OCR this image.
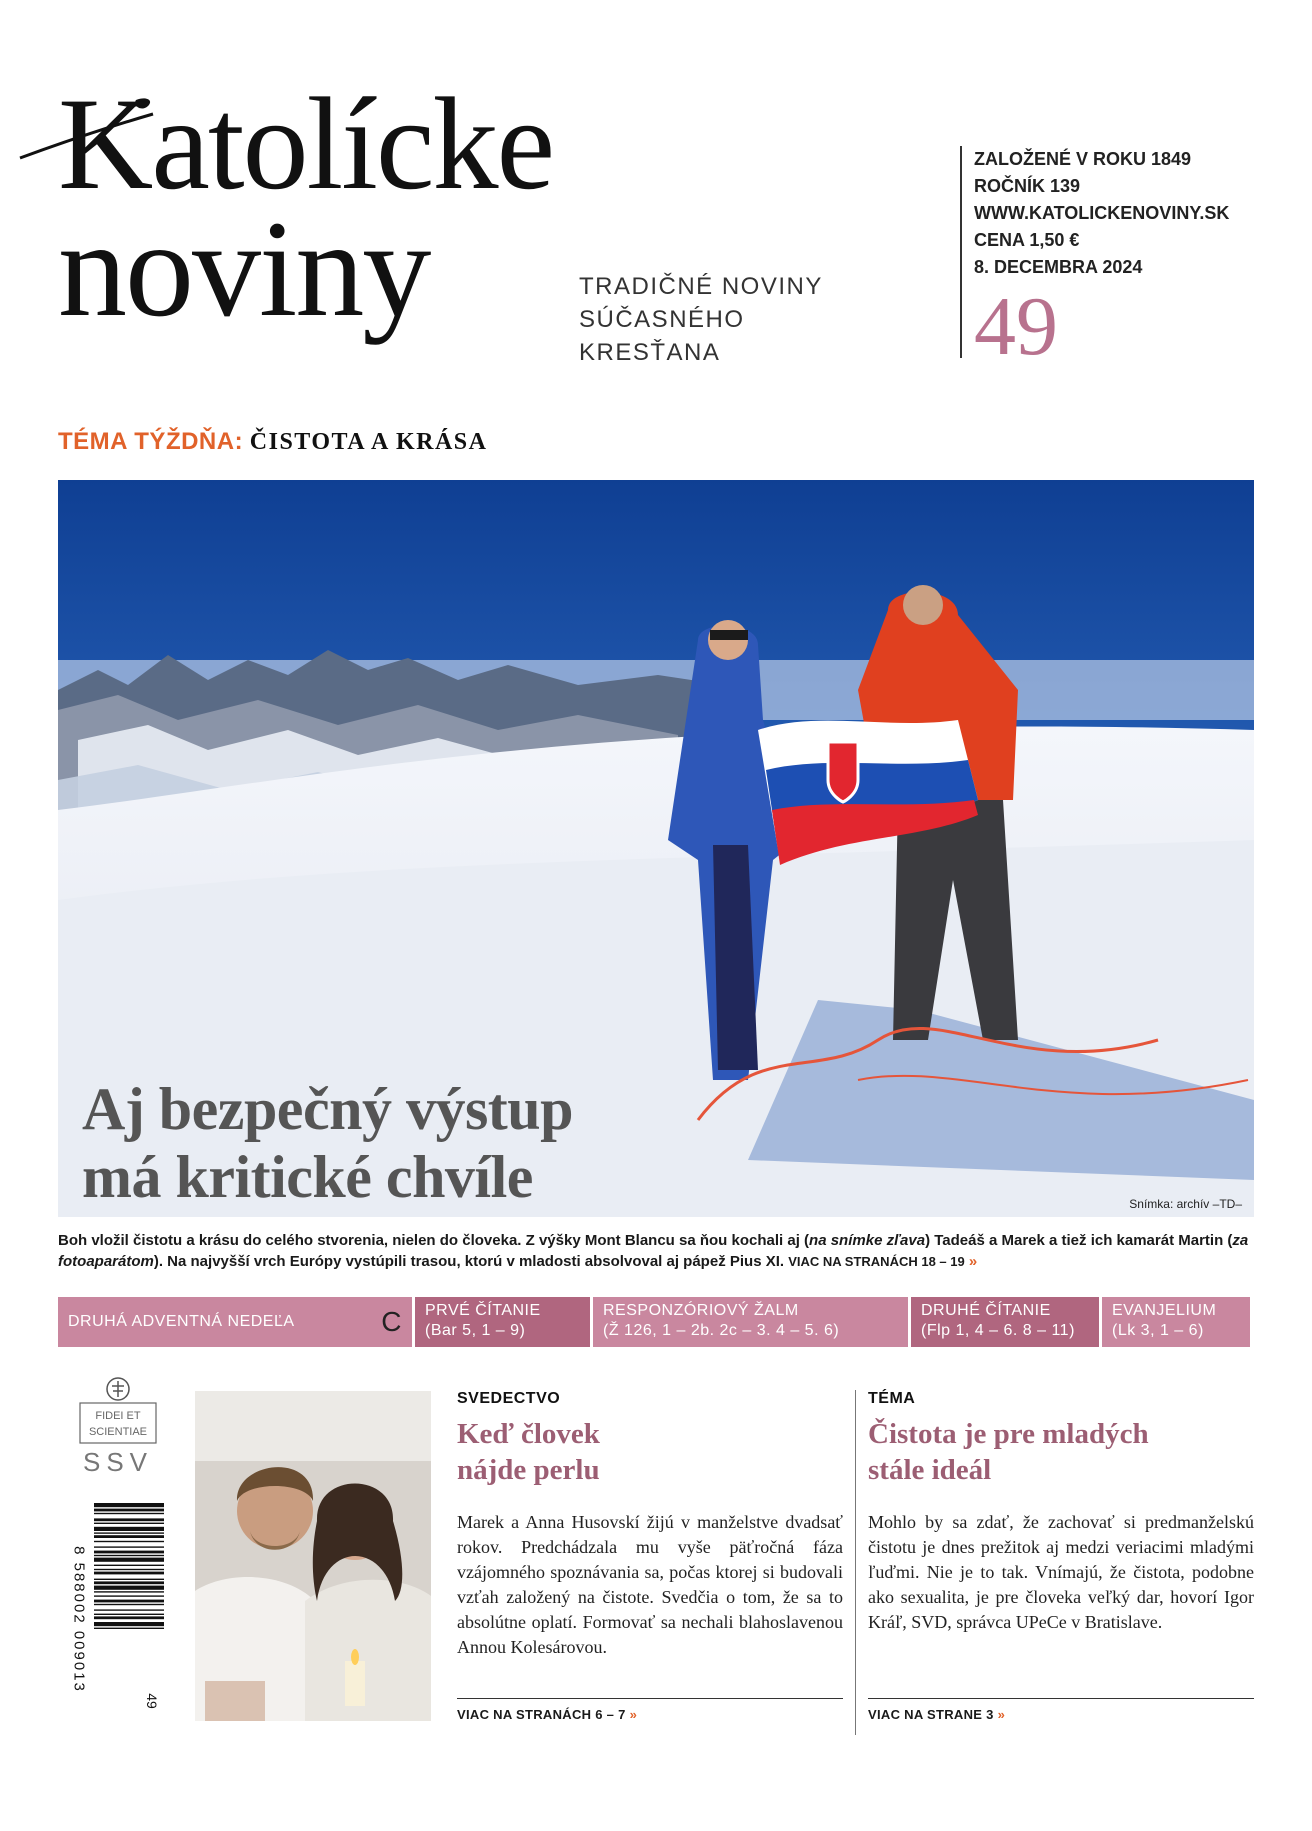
Katolícke
noviny	TRADIČNÉ NOVINY
SÚČASNÉHO
KRESŤANA
ZALOŽENÉ V ROKU 1849
ROČNÍK 139
WWW.KATOLICKENOVINY.SK
CENA 1,50 €
8. DECEMBRA 2024
49
TÉMA TÝŽDŇA: ČISTOTA A KRÁSA
Aj bezpečný výstup
má kritické chvíle	Snímka: archív –TD–
Boh vložil čistotu a krásu do celého stvorenia, nielen do človeka. Z výšky Mont Blancu sa ňou kochali aj (na snímke zľava) Tadeáš a Marek a tiež ich kamarát Martin (za fotoaparátom). Na najvyšší vrch Európy vystúpili trasou, ktorú v mladosti absolvoval aj pápež Pius XI. VIAC NA STRANÁCH 18 – 19 »
DRUHÁ ADVENTNÁ NEDEĽA	C PRVÉ ČÍTANIE
(Bar 5, 1 – 9)
RESPONZÓRIOVÝ ŽALM
(Ž 126, 1 – 2b. 2c – 3. 4 – 5. 6)
DRUHÉ ČÍTANIE
(Flp 1, 4 – 6. 8 – 11)
EVANJELIUM
(Lk 3, 1 – 6)
FIDEI ET
SCIENTIAE
SSV
8 588002 009013
49
SVEDECTVO
Keď človek
nájde perlu
Marek a Anna Husovskí žijú v manželstve dvadsať rokov. Predchádzala mu vyše päťročná fáza vzájomného spoznávania sa, počas ktorej si budovali vzťah založený na čistote. Svedčia o tom, že sa to absolútne oplatí. Formovať sa nechali blahoslavenou Annou Kolesárovou.
VIAC NA STRANÁCH 6 – 7 »
TÉMA
Čistota je pre mladých
stále ideál
Mohlo by sa zdať, že zachovať si predmanželskú čistotu je dnes prežitok aj medzi veriacimi mladými ľuďmi. Nie je to tak. Vnímajú, že čistota, podobne ako sexualita, je pre človeka veľký dar, hovorí Igor Kráľ, SVD, správca UPeCe v Bratislave.
VIAC NA STRANE 3 »
